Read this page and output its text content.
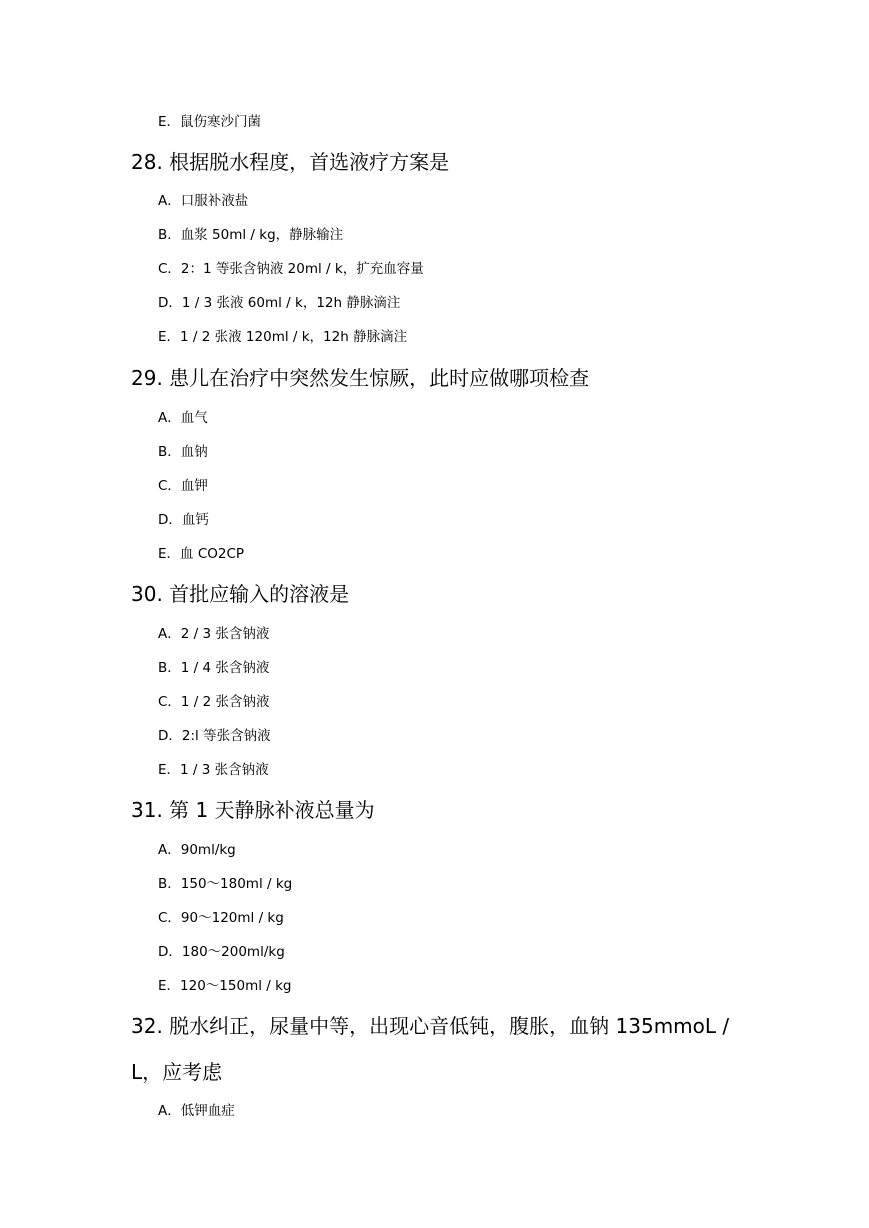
E．鼠伤寒沙门菌
28. 根据脱水程度，首选液疗方案是
A．口服补液盐
B．血浆 50ml / kg，静脉输注
C．2：1 等张含钠液 20ml / k，扩充血容量
D．1 / 3 张液 60ml / k，12h 静脉滴注
E．1 / 2 张液 120ml / k，12h 静脉滴注
29. 患儿在治疗中突然发生惊厥，此时应做哪项检查
A．血气
B．血钠
C．血钾
D．血钙
E．血 CO2CP
30. 首批应输入的溶液是
A．2 / 3 张含钠液
B．1 / 4 张含钠液
C．1 / 2 张含钠液
D．2:l 等张含钠液
E．1 / 3 张含钠液
31. 第 1 天静脉补液总量为
A．90ml/kg
B．150～180ml / kg
C．90～120ml / kg
D．180～200ml/kg
E．120～150ml / kg
32. 脱水纠正，尿量中等，出现心音低钝，腹胀，血钠 135mmoL /
L，应考虑
A．低钾血症
